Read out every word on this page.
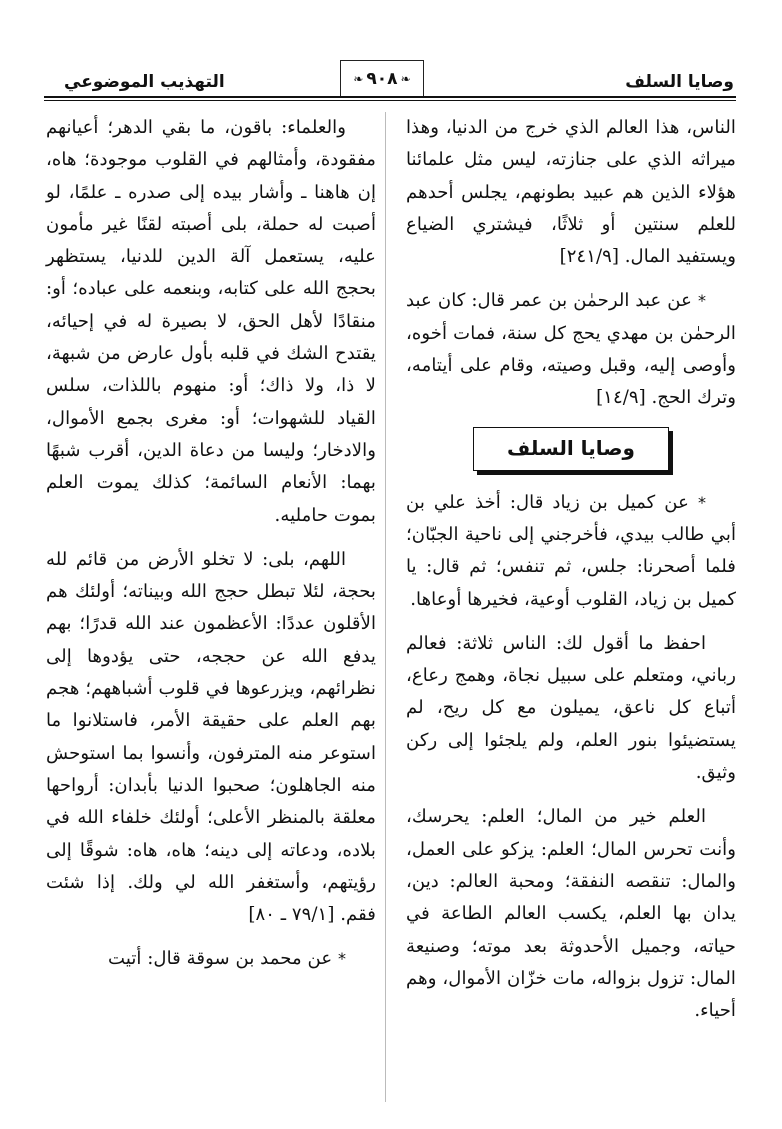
وصايا السلف
❧ ٩٠٨ ❧
التهذيب الموضوعي

الناس، هذا العالم الذي خرج من الدنيا، وهذا ميراثه الذي على جنازته، ليس مثل علمائنا هؤلاء الذين هم عبيد بطونهم، يجلس أحدهم للعلم سنتين أو ثلاثًا، فيشتري الضياع ويستفيد المال. [٢٤١/٩]

* عن عبد الرحمٰن بن عمر قال: كان عبد الرحمٰن بن مهدي يحج كل سنة، فمات أخوه، وأوصى إليه، وقبل وصيته، وقام على أيتامه، وترك الحج. [١٤/٩]

وصايا السلف

* عن كميل بن زياد قال: أخذ علي بن أبي طالب بيدي، فأخرجني إلى ناحية الجبّان؛ فلما أصحرنا: جلس، ثم تنفس؛ ثم قال: يا كميل بن زياد، القلوب أوعية، فخيرها أوعاها.

احفظ ما أقول لك: الناس ثلاثة: فعالم رباني، ومتعلم على سبيل نجاة، وهمج رعاع، أتباع كل ناعق، يميلون مع كل ريح، لم يستضيئوا بنور العلم، ولم يلجئوا إلى ركن وثيق.

العلم خير من المال؛ العلم: يحرسك، وأنت تحرس المال؛ العلم: يزكو على العمل، والمال: تنقصه النفقة؛ ومحبة العالم: دين، يدان بها العلم، يكسب العالم الطاعة في حياته، وجميل الأحدوثة بعد موته؛ وصنيعة المال: تزول بزواله، مات خزّان الأموال، وهم أحياء.

والعلماء: باقون، ما بقي الدهر؛ أعيانهم مفقودة، وأمثالهم في القلوب موجودة؛ هاه، إن هاهنا ـ وأشار بيده إلى صدره ـ علمًا، لو أصبت له حملة، بلى أصبته لقنًا غير مأمون عليه، يستعمل آلة الدين للدنيا، يستظهر بحجج الله على كتابه، وبنعمه على عباده؛ أو: منقادًا لأهل الحق، لا بصيرة له في إحيائه، يقتدح الشك في قلبه بأول عارض من شبهة، لا ذا، ولا ذاك؛ أو: منهوم باللذات، سلس القياد للشهوات؛ أو: مغرى بجمع الأموال، والادخار؛ وليسا من دعاة الدين، أقرب شبهًا بهما: الأنعام السائمة؛ كذلك يموت العلم بموت حامليه.

اللهم، بلى: لا تخلو الأرض من قائم لله بحجة، لئلا تبطل حجج الله وبيناته؛ أولئك هم الأقلون عددًا: الأعظمون عند الله قدرًا؛ بهم يدفع الله عن حججه، حتى يؤدوها إلى نظرائهم، ويزرعوها في قلوب أشباههم؛ هجم بهم العلم على حقيقة الأمر، فاستلانوا ما استوعر منه المترفون، وأنسوا بما استوحش منه الجاهلون؛ صحبوا الدنيا بأبدان: أرواحها معلقة بالمنظر الأعلى؛ أولئك خلفاء الله في بلاده، ودعاته إلى دينه؛ هاه، هاه: شوقًا إلى رؤيتهم، وأستغفر الله لي ولك. إذا شئت فقم. [٧٩/١ ـ ٨٠]

* عن محمد بن سوقة قال: أتيت
